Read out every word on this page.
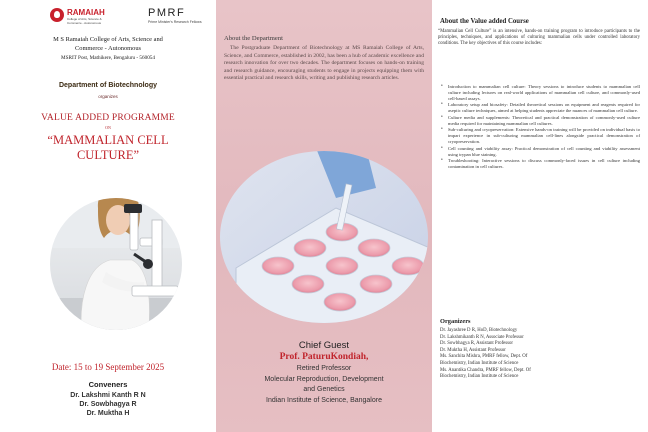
RAMAIAH
College of Arts, Science & Commerce - Autonomous
PMRF
Prime Minister's Research Fellows
M S Ramaiah College of Arts, Science and
Commerce - Autonomous
MSRIT Post, Mathikere, Bengaluru - 560054
Department of Biotechnology
organizes
VALUE ADDED PROGRAMME
ON
“MAMMALIAN CELL
CULTURE”
Date: 15 to 19 September 2025
Conveners
Dr. Lakshmi Kanth R N
Dr. Sowbhagya R
Dr. Muktha H
About the Department
The Postgraduate Department of Biotechnology at MS Ramaiah College of Arts, Science, and Commerce, established in 2002, has been a hub of academic excellence and research innovation for over two decades. The department focuses on hands-on training and research guidance, encouraging students to engage in projects equipping them with essential practical and research skills, writing and publishing research articles.
Chief Guest
Prof. PaturuKondiah,
Retired Professor
Molecular Reproduction, Development
and Genetics
Indian Institute of Science, Bangalore
About the Value added Course
“Mammalian Cell Culture” is an intensive, hands-on training program to introduce participants to the principles, techniques, and applications of culturing mammalian cells under controlled laboratory conditions. The key objectives of this course includes:
• Introduction to mammalian cell culture: Theory sessions to introduce students to mammalian cell culture including lectures on real-world applications of mammalian cell culture, and commonly-used cell-based assays.
• Laboratory setup and biosafety: Detailed theoretical sessions on equipment and reagents required for aseptic culture techniques, aimed at helping students appreciate the nuances of mammalian cell culture.
• Culture media and supplements: Theoretical and practical demonstration of commonly-used culture media required for maintaining mammalian cell cultures.
• Sub-culturing and cryopreservation: Extensive hands-on training will be provided on individual basis to impart experience in sub-culturing mammalian cell-lines alongside practical demonstration of cryopreservation.
• Cell counting and viability assay: Practical demonstration of cell counting and viability assessment using trypan blue staining.
• Troubleshooting: Interactive sessions to discuss commonly-faced issues in cell culture including contamination in cell cultures.
Organizers
Dr. Jayashree D R, HoD, Biotechnology
Dr. Lakshmikanth R N, Associate Professor
Dr. Sowbhagya R, Assistant Professor
Dr. Muktha H, Assistant Professor
Ms. Sanchita Mishra, PMRF fellow, Dept. Of
Biochemistry, Indian Institute of Science
Ms. Anantika Chandra, PMRF fellow, Dept. Of
Biochemistry, Indian Institute of Science
